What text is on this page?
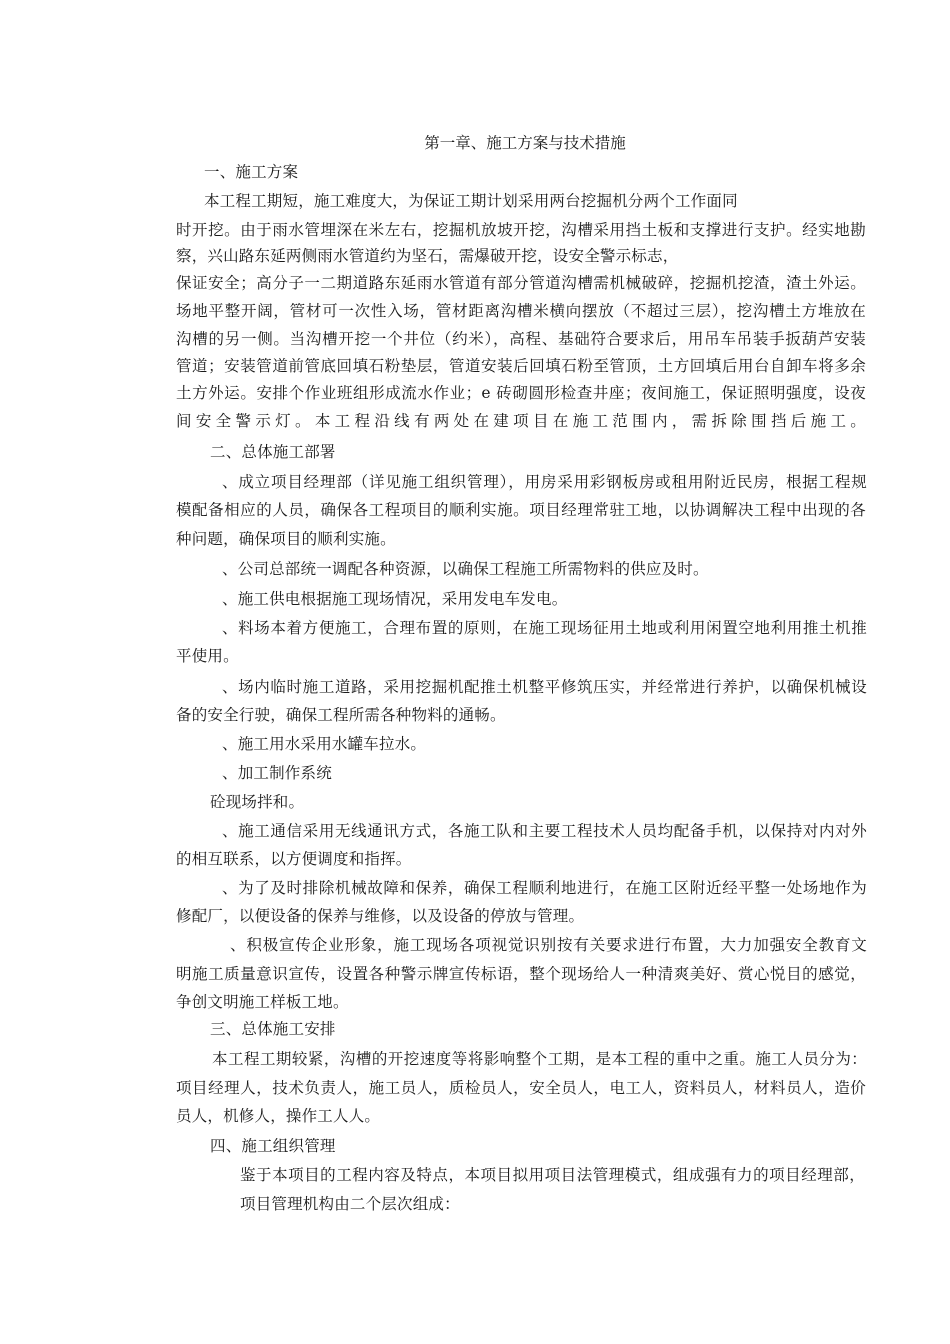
第一章、施工方案与技术措施
一、施工方案
本工程工期短，施工难度大，为保证工期计划采用两台挖掘机分两个工作面同
时开挖。由于雨水管埋深在米左右，挖掘机放坡开挖，沟槽采用挡土板和支撑进行支护。经实地勘
察，兴山路东延两侧雨水管道约为坚石，需爆破开挖，设安全警示标志，
保证安全；高分子一二期道路东延雨水管道有部分管道沟槽需机械破碎，挖掘机挖渣，渣土外运。
场地平整开阔，管材可一次性入场，管材距离沟槽米横向摆放（不超过三层），挖沟槽土方堆放在
沟槽的另一侧。当沟槽开挖一个井位（约米），高程、基础符合要求后，用吊车吊装手扳葫芦安装
管道；安装管道前管底回填石粉垫层，管道安装后回填石粉至管顶，土方回填后用台自卸车将多余
土方外运。安排个作业班组形成流水作业；e 砖砌圆形检查井座；夜间施工，保证照明强度，设夜
间安全警示灯。本工程沿线有两处在建项目在施工范围内，需拆除围挡后施工。
二、总体施工部署
、成立项目经理部（详见施工组织管理），用房采用彩钢板房或租用附近民房，根据工程规
模配备相应的人员，确保各工程项目的顺利实施。项目经理常驻工地，以协调解决工程中出现的各
种问题，确保项目的顺利实施。
、公司总部统一调配各种资源，以确保工程施工所需物料的供应及时。
、施工供电根据施工现场情况，采用发电车发电。
、料场本着方便施工，合理布置的原则，在施工现场征用土地或利用闲置空地利用推土机推
平使用。
、场内临时施工道路，采用挖掘机配推土机整平修筑压实，并经常进行养护，以确保机械设
备的安全行驶，确保工程所需各种物料的通畅。
、施工用水采用水罐车拉水。
、加工制作系统
砼现场拌和。
、施工通信采用无线通讯方式，各施工队和主要工程技术人员均配备手机，以保持对内对外
的相互联系，以方便调度和指挥。
、为了及时排除机械故障和保养，确保工程顺利地进行，在施工区附近经平整一处场地作为
修配厂，以便设备的保养与维修，以及设备的停放与管理。
、积极宣传企业形象，施工现场各项视觉识别按有关要求进行布置，大力加强安全教育文
明施工质量意识宣传，设置各种警示牌宣传标语，整个现场给人一种清爽美好、赏心悦目的感觉，
争创文明施工样板工地。
三、总体施工安排
本工程工期较紧，沟槽的开挖速度等将影响整个工期，是本工程的重中之重。施工人员分为：
项目经理人，技术负责人，施工员人，质检员人，安全员人，电工人，资料员人，材料员人，造价
员人，机修人，操作工人人。
四、施工组织管理
鉴于本项目的工程内容及特点，本项目拟用项目法管理模式，组成强有力的项目经理部，
项目管理机构由二个层次组成：
